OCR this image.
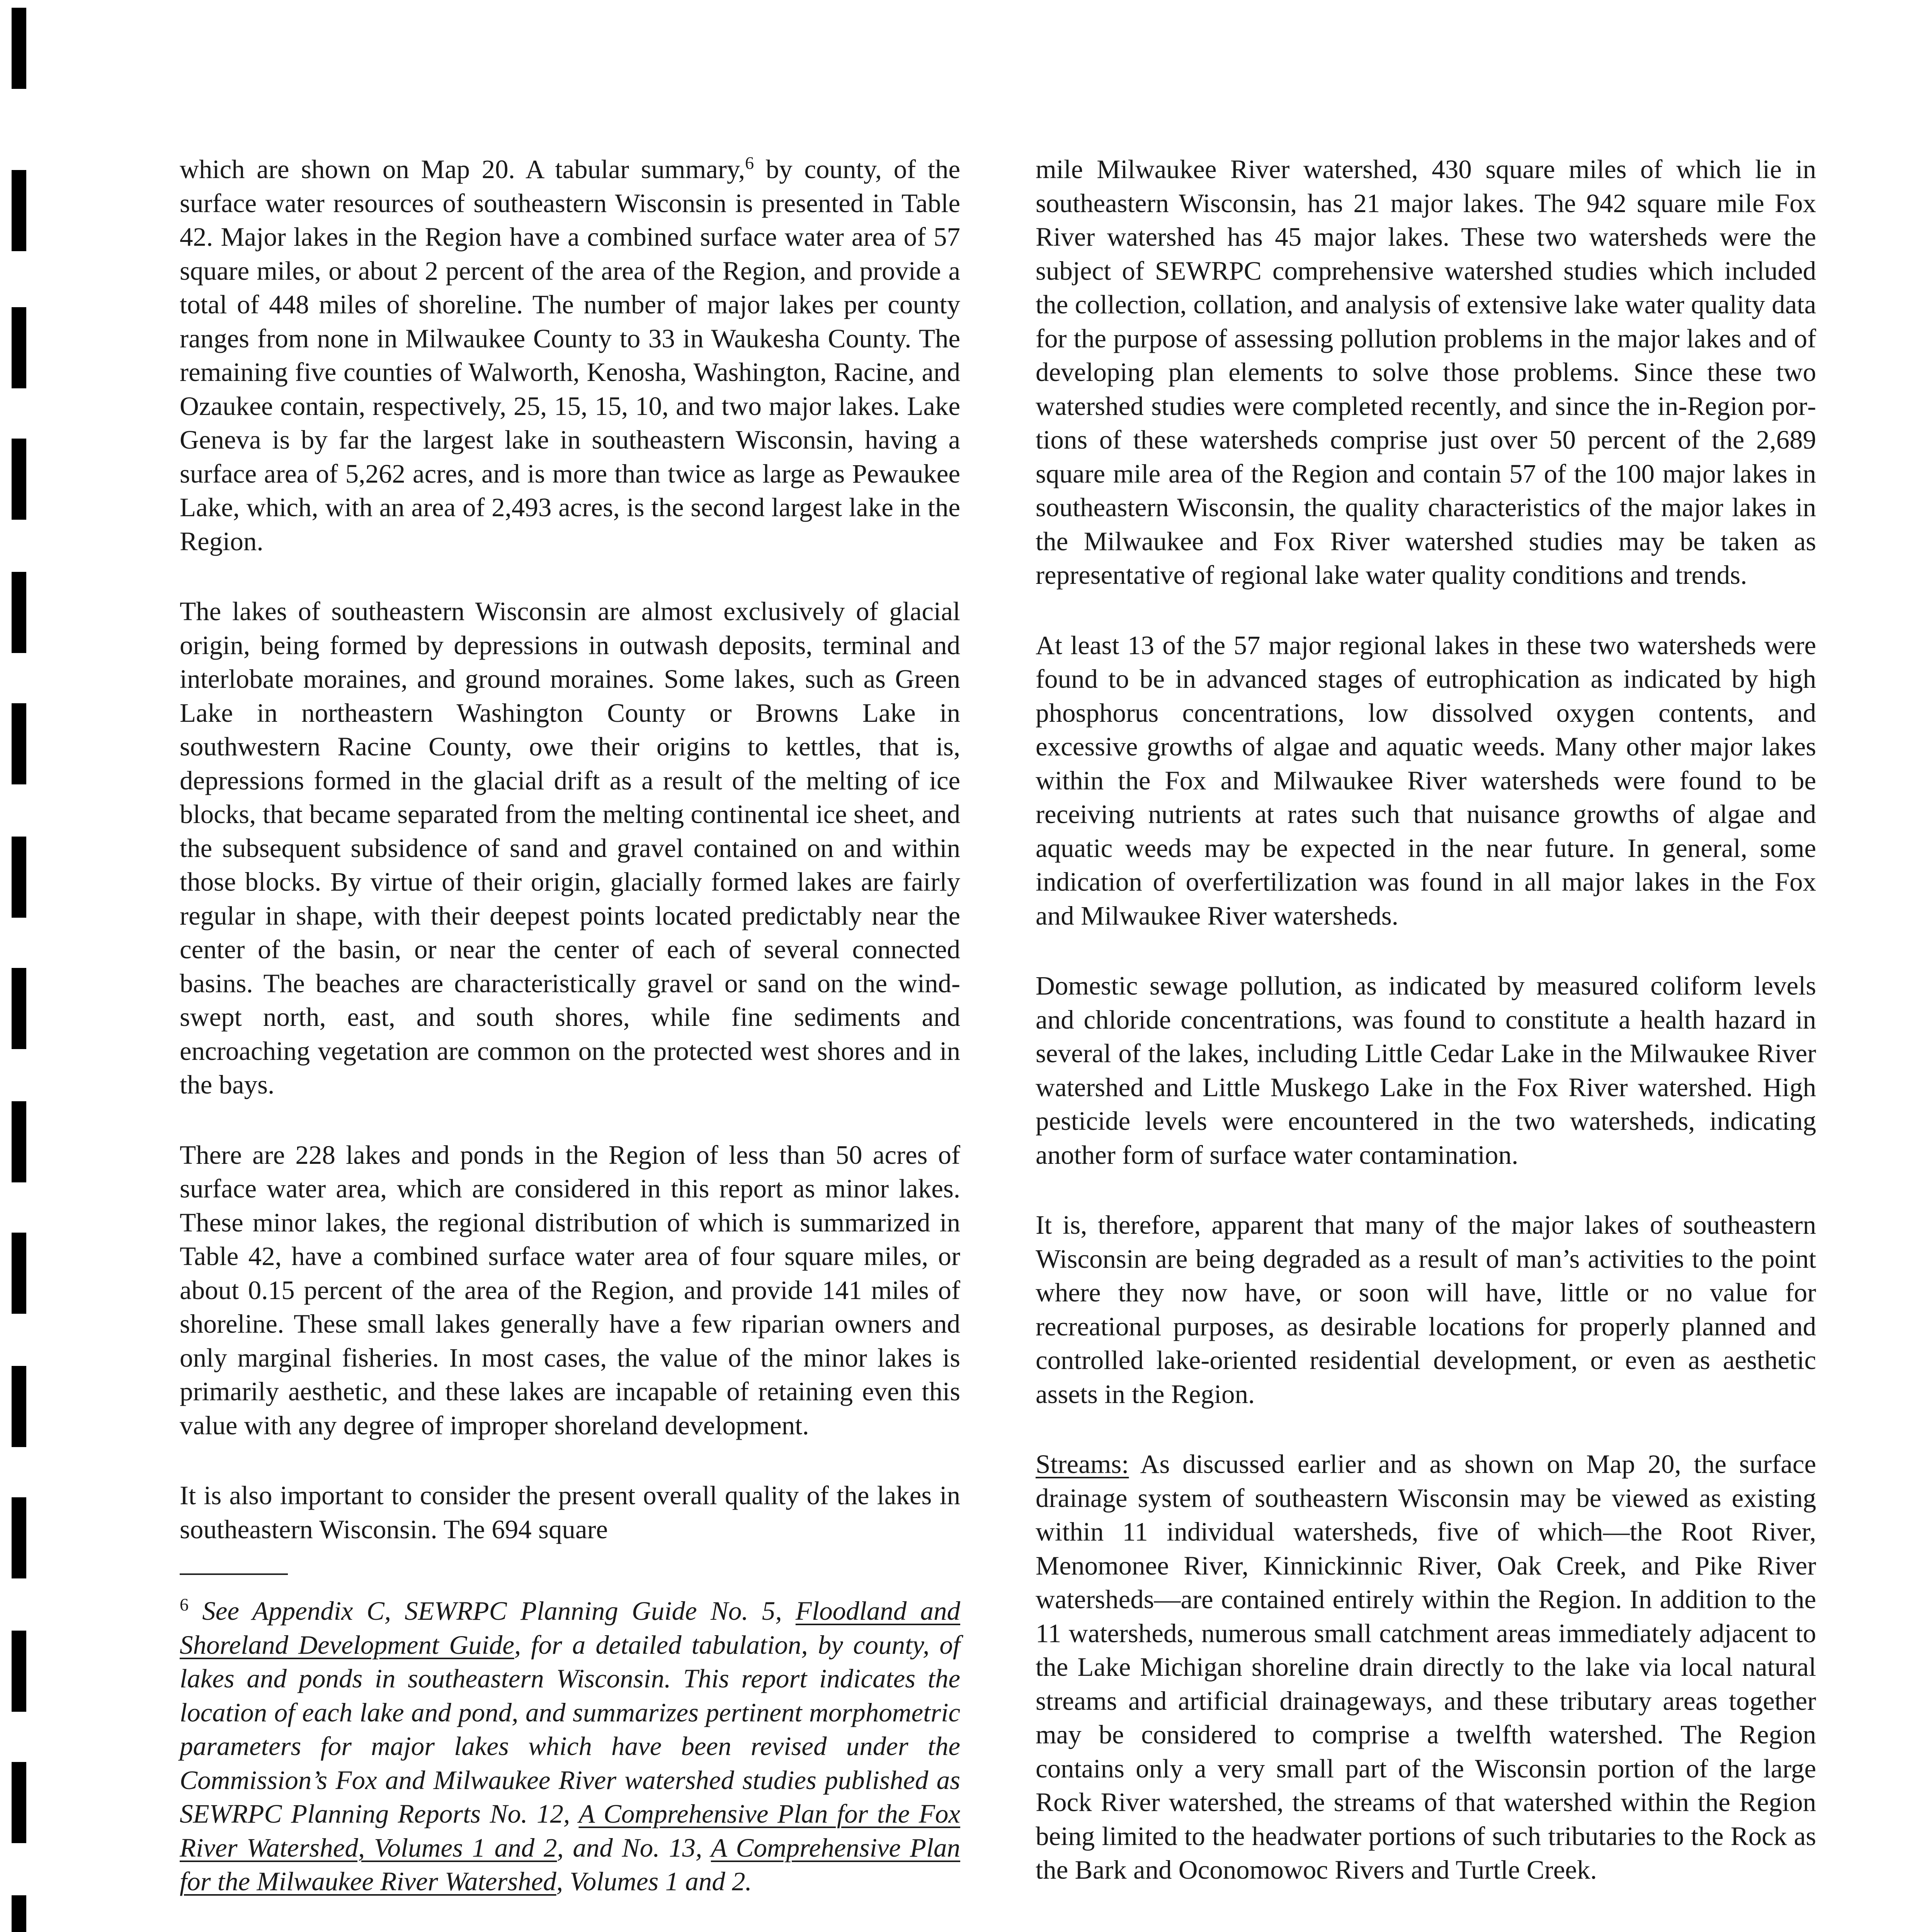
which are shown on Map 20. A tabular summary,$^6$ by county, of the surface water resources of southeastern Wisconsin is presented in Table 42. Major lakes in the Region have a combined surface water area of 57 square miles, or about 2 percent of the area of the Region, and provide a total of 448 miles of shoreline. The number of major lakes per county ranges from none in Milwaukee County to 33 in Waukesha County. The remaining five counties of Walworth, Kenosha, Washington, Racine, and Ozaukee contain, respectively, 25, 15, 15, 10, and two major lakes. Lake Geneva is by far the largest lake in southeastern Wisconsin, having a surface area of 5,262 acres, and is more than twice as large as Pewaukee Lake, which, with an area of 2,493 acres, is the second largest lake in the Region.

The lakes of southeastern Wisconsin are almost exclusively of glacial origin, being formed by depressions in outwash deposits, terminal and interlobate moraines, and ground moraines. Some lakes, such as Green Lake in northeastern Washington County or Browns Lake in southwestern Racine County, owe their origins to kettles, that is, depressions formed in the glacial drift as a result of the melting of ice blocks, that became separated from the melting continental ice sheet, and the subsequent subsidence of sand and gravel contained on and within those blocks. By virtue of their origin, glacially formed lakes are fairly regular in shape, with their deepest points located predictably near the center of the basin, or near the center of each of several connected basins. The beaches are characteristically gravel or sand on the windswept north, east, and south shores, while fine sediments and encroaching vegetation are common on the protected west shores and in the bays.

There are 228 lakes and ponds in the Region of less than 50 acres of surface water area, which are considered in this report as minor lakes. These minor lakes, the regional distribution of which is summarized in Table 42, have a combined surface water area of four square miles, or about 0.15 percent of the area of the Region, and provide 141 miles of shoreline. These small lakes generally have a few riparian owners and only marginal fisheries. In most cases, the value of the minor lakes is primarily aesthetic, and these lakes are incapable of retaining even this value with any degree of improper shoreland development.

It is also important to consider the present overall quality of the lakes in southeastern Wisconsin. The 694 square

$^6$ See Appendix C, SEWRPC Planning Guide No. 5, Floodland and Shoreland Development Guide, for a detailed tabulation, by county, of lakes and ponds in southeastern Wisconsin. This report indicates the location of each lake and pond, and summarizes pertinent morphometric parameters for major lakes which have been revised under the Commission’s Fox and Milwaukee River watershed studies published as SEWRPC Planning Reports No. 12, A Comprehensive Plan for the Fox River Watershed, Volumes 1 and 2, and No. 13, A Comprehensive Plan for the Milwaukee River Watershed, Volumes 1 and 2.

mile Milwaukee River watershed, 430 square miles of which lie in southeastern Wisconsin, has 21 major lakes. The 942 square mile Fox River watershed has 45 major lakes. These two watersheds were the subject of SEWRPC comprehensive watershed studies which included the collection, collation, and analysis of extensive lake water quality data for the purpose of assessing pollution problems in the major lakes and of developing plan elements to solve those problems. Since these two watershed studies were completed recently, and since the in-Region portions of these watersheds comprise just over 50 percent of the 2,689 square mile area of the Region and contain 57 of the 100 major lakes in southeastern Wisconsin, the quality characteristics of the major lakes in the Milwaukee and Fox River watershed studies may be taken as representative of regional lake water quality conditions and trends.

At least 13 of the 57 major regional lakes in these two watersheds were found to be in advanced stages of eutrophication as indicated by high phosphorus concentrations, low dissolved oxygen contents, and excessive growths of algae and aquatic weeds. Many other major lakes within the Fox and Milwaukee River watersheds were found to be receiving nutrients at rates such that nuisance growths of algae and aquatic weeds may be expected in the near future. In general, some indication of overfertilization was found in all major lakes in the Fox and Milwaukee River watersheds.

Domestic sewage pollution, as indicated by measured coliform levels and chloride concentrations, was found to constitute a health hazard in several of the lakes, including Little Cedar Lake in the Milwaukee River watershed and Little Muskego Lake in the Fox River watershed. High pesticide levels were encountered in the two watersheds, indicating another form of surface water contamination.

It is, therefore, apparent that many of the major lakes of southeastern Wisconsin are being degraded as a result of man’s activities to the point where they now have, or soon will have, little or no value for recreational purposes, as desirable locations for properly planned and controlled lake-oriented residential development, or even as aesthetic assets in the Region.

Streams: As discussed earlier and as shown on Map 20, the surface drainage system of southeastern Wisconsin may be viewed as existing within 11 individual watersheds, five of which—the Root River, Menomonee River, Kinnickinnic River, Oak Creek, and Pike River watersheds—are contained entirely within the Region. In addition to the 11 watersheds, numerous small catchment areas immediately adjacent to the Lake Michigan shoreline drain directly to the lake via local natural streams and artificial drainageways, and these tributary areas together may be considered to comprise a twelfth watershed. The Region contains only a very small part of the Wisconsin portion of the large Rock River watershed, the streams of that watershed within the Region being limited to the headwater portions of such tributaries to the Rock as the Bark and Oconomowoc Rivers and Turtle Creek.
